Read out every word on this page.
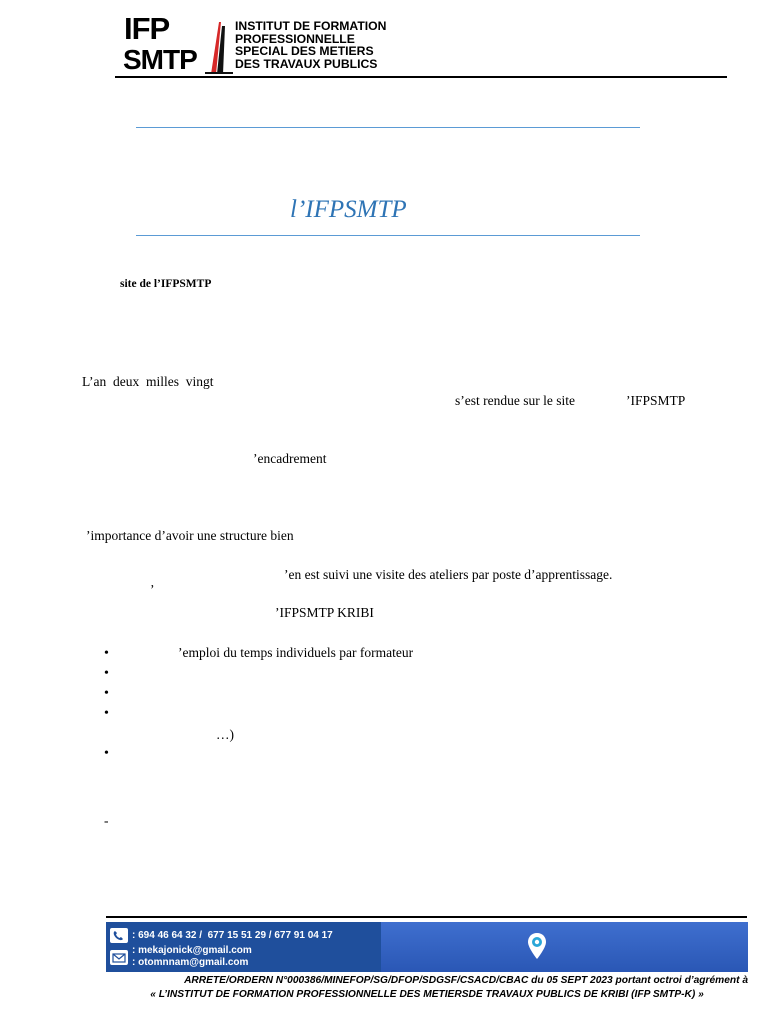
IFP
SMTP
INSTITUT DE FORMATION
PROFESSIONNELLE
SPECIAL DES METIERS
DES TRAVAUX PUBLICS
l’IFPSMTP
site de l’IFPSMTP
L’an  deux  milles  vingt
s’est rendue sur le site	’IFPSMTP
’encadrement
’importance d’avoir une structure bien
’en est suivi une visite des ateliers par poste d’apprentissage.
’
’IFPSMTP KRIBI
•	’emploi du temps individuels par formateur
•
•
•
…)
•
-
: 694 46 64 32 /  677 15 51 29 / 677 91 04 17
: mekajonick@gmail.com
: otomnnam@gmail.com
ARRETE/ORDERN N°000386/MINEFOP/SG/DFOP/SDGSF/CSACD/CBAC du 05 SEPT 2023 portant octroi d’agrément à
« L’INSTITUT DE FORMATION PROFESSIONNELLE DES METIERSDE TRAVAUX PUBLICS DE KRIBI (IFP SMTP-K) »
